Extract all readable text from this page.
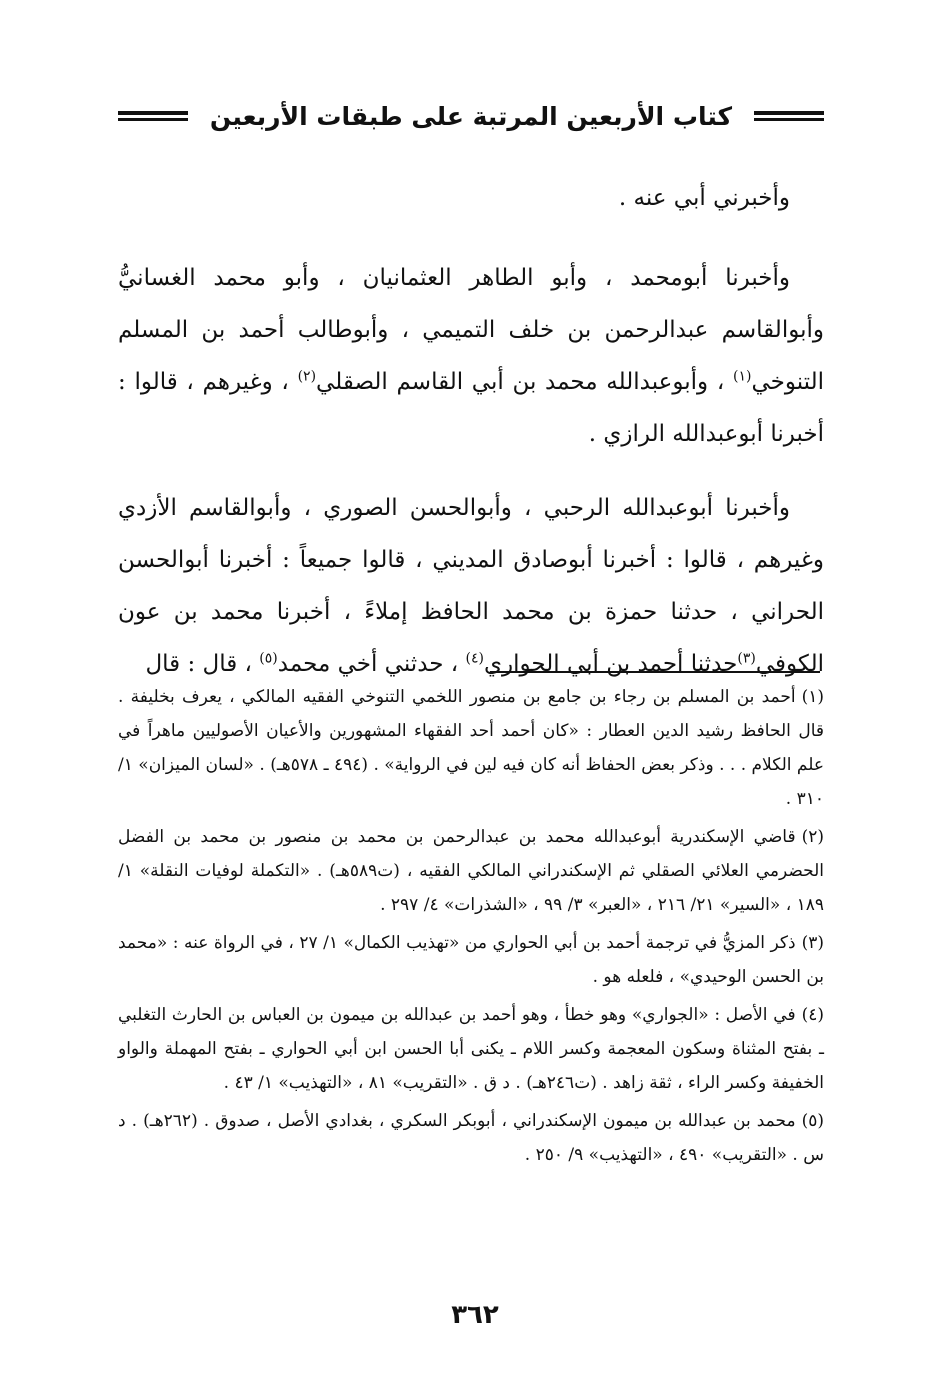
كتاب الأربعين المرتبة على طبقات الأربعين

وأخبرني أبي عنه .

وأخبرنا أبومحمد ، وأبو الطاهر العثمانيان ، وأبو محمد الغسانيُّ وأبوالقاسم عبدالرحمن بن خلف التميمي ، وأبوطالب أحمد بن المسلم التنوخي$^{(١)}$ ، وأبوعبدالله محمد بن أبي القاسم الصقلي$^{(٢)}$ ، وغيرهم ، قالوا : أخبرنا أبوعبدالله الرازي .

وأخبرنا أبوعبدالله الرحبي ، وأبوالحسن الصوري ، وأبوالقاسم الأزدي وغيرهم ، قالوا : أخبرنا أبوصادق المديني ، قالوا جميعاً : أخبرنا أبوالحسن الحراني ، حدثنا حمزة بن محمد الحافظ إملاءً ، أخبرنا محمد بن عون الكوفي$^{(٣)}$حدثنا أحمد بن أبي الحواري$^{(٤)}$ ، حدثني أخي محمد$^{(٥)}$ ، قال : قال

(١)أحمد بن المسلم بن رجاء بن جامع بن منصور اللخمي التنوخي الفقيه المالكي ، يعرف بخليفة . قال الحافظ رشيد الدين العطار : «كان أحمد أحد الفقهاء المشهورين والأعيان الأصوليين ماهراً في علم الكلام . . . وذكر بعض الحفاظ أنه كان فيه لين في الرواية» . (٤٩٤ ـ ٥٧٨هـ) . «لسان الميزان» ١/ ٣١٠ .

(٢)قاضي الإسكندرية أبوعبدالله محمد بن عبدالرحمن بن محمد بن منصور بن محمد بن الفضل الحضرمي العلائي الصقلي ثم الإسكندراني المالكي الفقيه ، (ت٥٨٩هـ) . «التكملة لوفيات النقلة» ١/ ١٨٩ ، «السير» ٢١/ ٢١٦ ، «العبر» ٣/ ٩٩ ، «الشذرات» ٤/ ٢٩٧ .

(٣)ذكر المزيُّ في ترجمة أحمد بن أبي الحواري من «تهذيب الكمال» ١/ ٢٧ ، في الرواة عنه : «محمد بن الحسن الوحيدي» ، فلعله هو .

(٤)في الأصل : «الجواري» وهو خطأ ، وهو أحمد بن عبدالله بن ميمون بن العباس بن الحارث التغلبي ـ بفتح المثناة وسكون المعجمة وكسر اللام ـ يكنى أبا الحسن ابن أبي الحواري ـ بفتح المهملة والواو الخفيفة وكسر الراء ، ثقة زاهد . (ت٢٤٦هـ) . د ق . «التقريب» ٨١ ، «التهذيب» ١/ ٤٣ .

(٥)محمد بن عبدالله بن ميمون الإسكندراني ، أبوبكر السكري ، بغدادي الأصل ، صدوق . (٢٦٢هـ) . د س . «التقريب» ٤٩٠ ، «التهذيب» ٩/ ٢٥٠ .

٣٦٢
